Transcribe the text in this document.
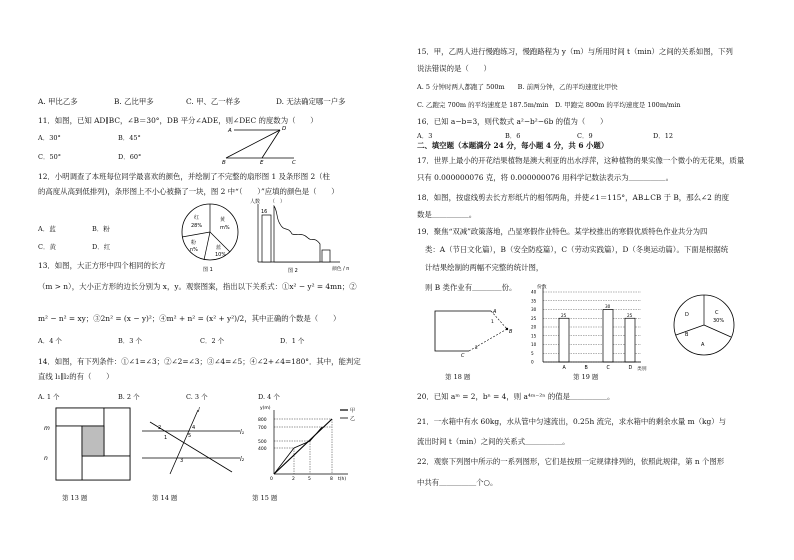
A. 甲比乙多	B. 乙比甲多	C. 甲、乙一样多	D. 无法确定哪一户多
11．如图，已知 AD∥BC，∠B＝30°，DB 平分∠ADE，则∠DEC 的度数为（　　）
A．30°	B．45°
C．50°	D．60°
A	D
B	E	C
12．小明调查了本班每位同学最喜欢的颜色，并绘制了不完整的扇形图 1 及条形图 2（柱
的高度从高到低排列)，条形图上不小心被撕了一块，图 2 中“（　　）”应填的颜色是（　　）
A．蓝	B．粉
C．黄	D．红
红
28%
黄
m%
粉
n%	蓝
10%
图 1
人数
16
（　）
颜色 / n
图 2
13．如图，大正方形中四个相同的长方
（m > n），大小正方形的边长分别为 x，y。观察图案，指出以下关系式：①x² − y² = 4mn；②
m² − n² = xy；③2n² = (x − y)²；④m² + n² = (x² + y²)/2，其中正确的个数是（　　）
A．4 个	B．3 个	C．2 个	D．1 个
14．如图，有下列条件：①∠1=∠3；②∠2=∠3；③∠4=∠5；④∠2+∠4=180°．其中，能判定
直线 l₁∥l₂的有（　　）
A. 1 个	B. 2 个	C. 3 个	D. 4 个
m
n
第 13 题
l
l₁
l₂
1
2
3
4
5
第 14 题
y(m)
800
700
500
400
0	2	5	8 t(h)
甲
乙
第 15 题
15．甲，乙两人进行慢跑练习，慢跑路程为 y（m）与所用时间 t（min）之间的关系如图，下列
说法错误的是（　　）
A. 5 分钟时两人都跑了 500m　　B. 前两分钟，乙的平均速度比甲快
C. 乙跑完 700m 的平均速度是 187.5m/min　D. 甲跑完 800m 的平均速度是 100m/min
16．已知 a−b=3，则代数式 a²−b²−6b 的值为（　　）
A．3	B．6	C．9	D．12
二、填空题（本题满分 24 分，每小题 4 分，共 6 小题）
17．世界上最小的开花结果植物是澳大利亚的出水浮萍，这种植物的果实像一个微小的无花果，质量
只有 0.000000076 克，将 0.000000076 用科学记数法表示为＿＿＿＿＿。
18．如图，按虚线剪去长方形纸片的相邻两角，并使∠1＝115°，AB⊥CB 于 B，那么∠2 的度
数是＿＿＿＿＿。
19．聚焦“双减”政策落地，凸显寒假作业特色。某学校推出的寒假优质特色作业共分为四
类：A（节日文化篇），B（安全防疫篇），C（劳动实践篇），D（冬奥运动篇）。下面是根据统
计结果绘制的两幅不完整的统计图，
则 B 类作业有＿＿＿＿份。
A
B
C
1
2
第 18 题
份数
40
35
30
25
20
15
10
5
0
25
A	B
30
C
25
D 类别
第 19 题
D	C
30%
A
B
20．已知 aᵐ = 2，bⁿ = 4，则 a⁴ᵐ⁻²ⁿ 的值是＿＿＿＿＿。
21．一水箱中有水 60kg，水从管中匀速流出，0.25h 流完，求水箱中的剩余水量 m（kg）与
流出时间 t（min）之间的关系式＿＿＿＿＿。
22．观察下列图中所示的一系列图形，它们是按照一定规律排列的，依照此规律，第 n 个图形
中共有＿＿＿＿＿个○。
